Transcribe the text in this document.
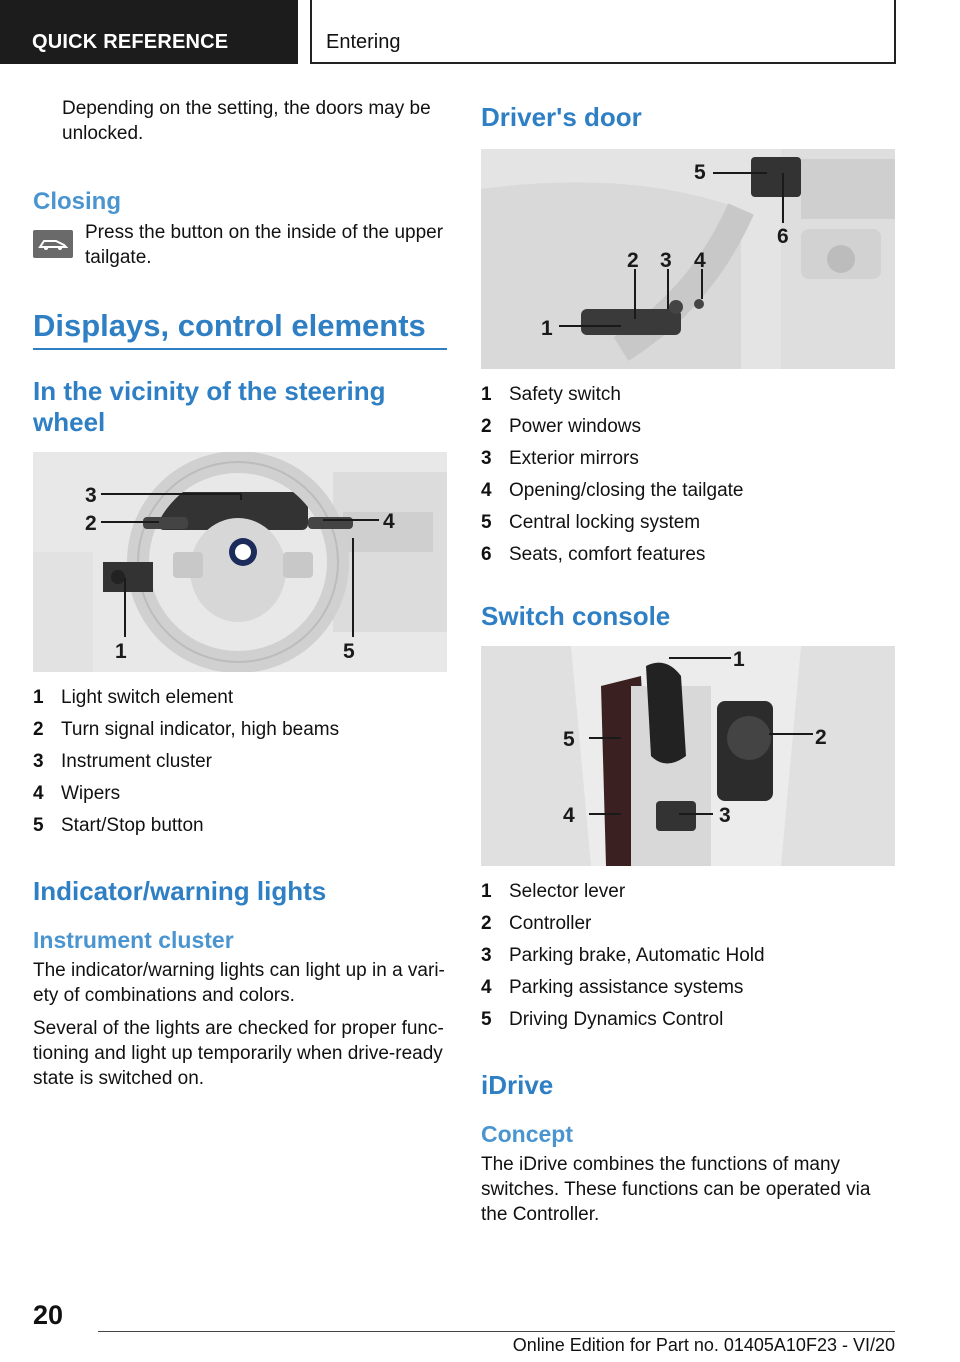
QUICK REFERENCE	Entering

Depending on the setting, the doors may be unlocked.

Closing

Press the button on the inside of the upper tailgate.

Displays, control elements
In the vicinity of the steering wheel
3
2	4
1	5
1 Light switch element
2 Turn signal indicator, high beams
3 Instrument cluster
4 Wipers
5 Start/Stop button
Indicator/warning lights
Instrument cluster

The indicator/warning lights can light up in a vari-ety of combinations and colors.

Several of the lights are checked for proper func-tioning and light up temporarily when drive-ready state is switched on.

Driver's door
1
2 3 4
5
6
1 Safety switch
2 Power windows
3 Exterior mirrors
4 Opening/closing the tailgate
5 Central locking system
6 Seats, comfort features
Switch console
1
2
3
4
5
1 Selector lever
2 Controller
3 Parking brake, Automatic Hold
4 Parking assistance systems
5 Driving Dynamics Control
iDrive
Concept

The iDrive combines the functions of many switches. These functions can be operated via the Controller.

20
Online Edition for Part no. 01405A10F23 - VI/20
